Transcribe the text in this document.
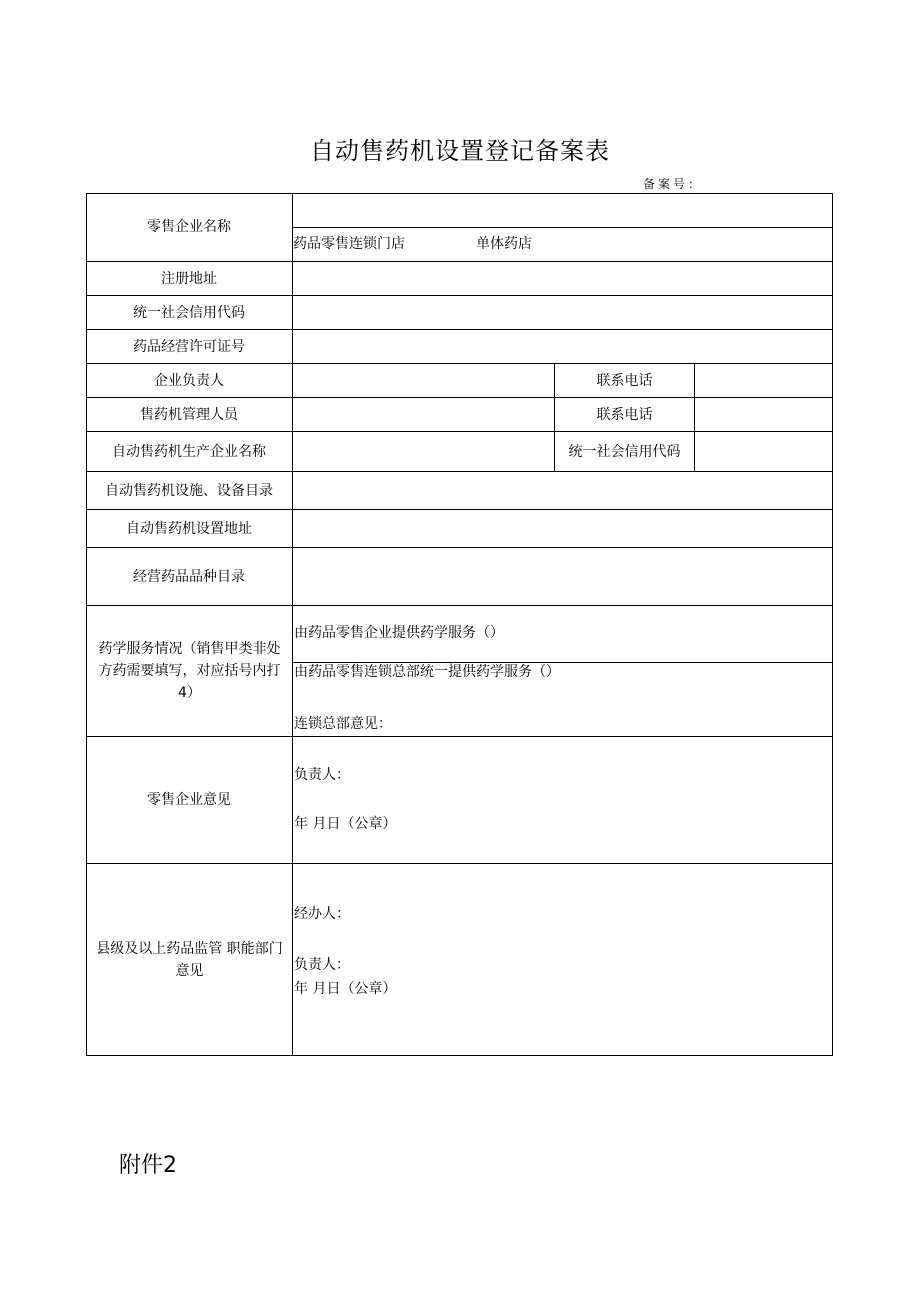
自动售药机设置登记备案表
备案号：
零售企业名称
药品零售连锁门店	单体药店
注册地址
统一社会信用代码
药品经营许可证号
企业负责人	联系电话
售药机管理人员	联系电话
自动售药机生产企业名称	统一社会信用代码
自动售药机设施、设备目录
自动售药机设置地址
经营药品品种目录
药学服务情况（销售甲类非处方药需要填写，对应括号内打4）
由药品零售企业提供药学服务（）
由药品零售连锁总部统一提供药学服务（）
连锁总部意见：
零售企业意见
负责人：
年 月日（公章）
县级及以上药品监管 职能部门意见
经办人：
负责人：
年 月日（公章）
附件2
